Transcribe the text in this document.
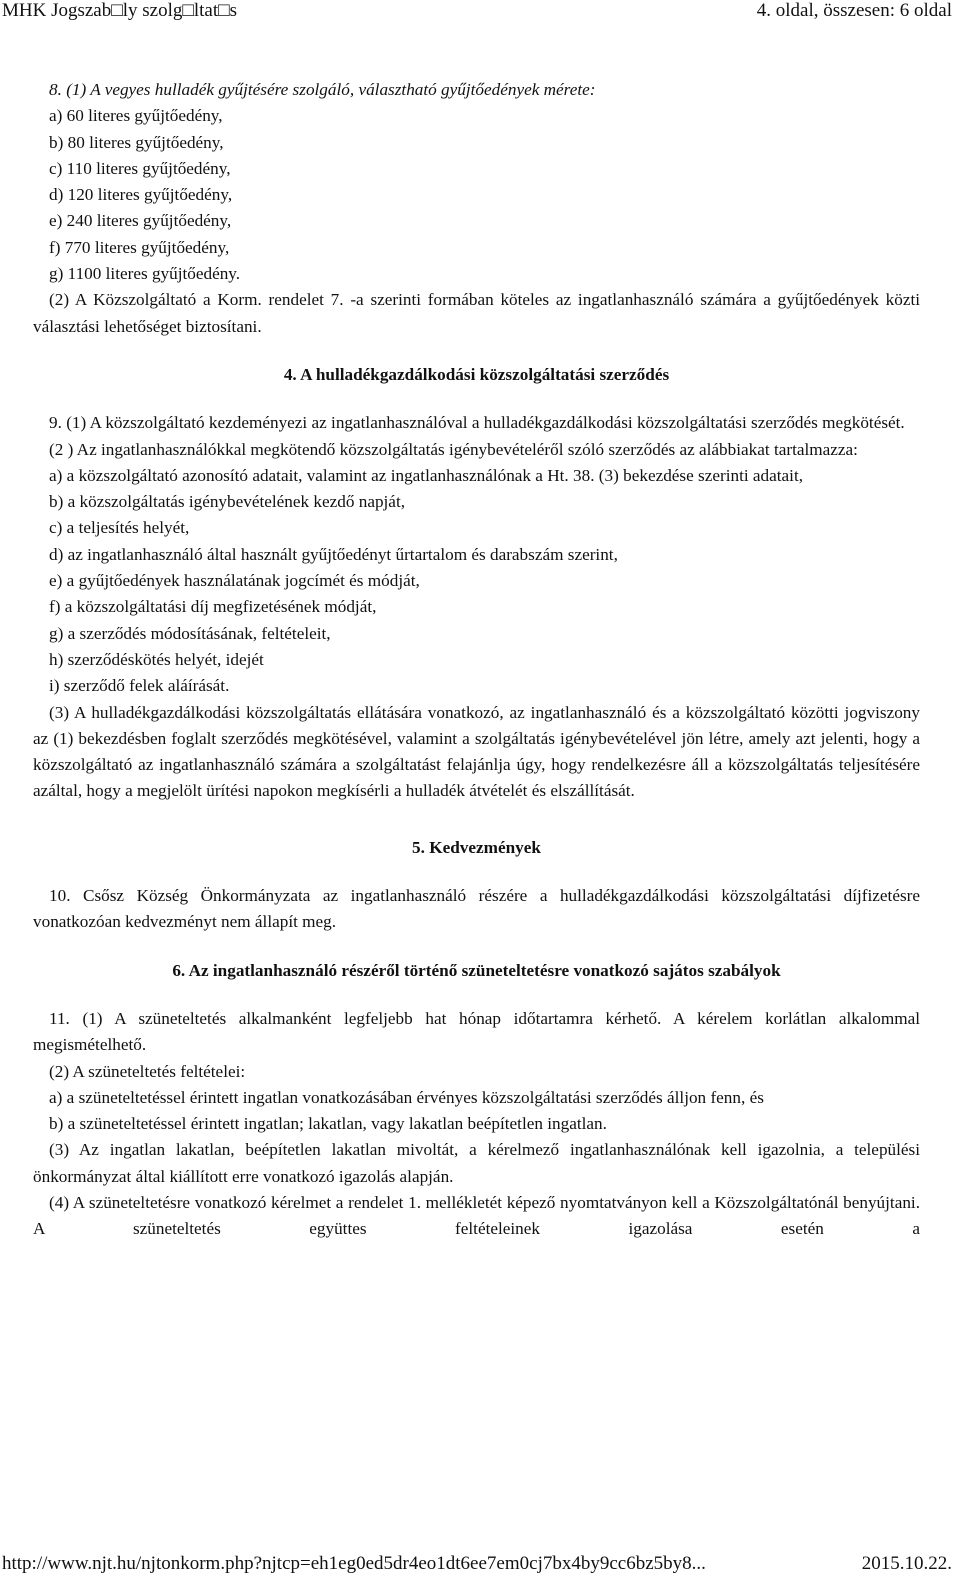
MHK Jogszab□ly szolg□ltat□s	4. oldal, összesen: 6 oldal

8. (1) A vegyes hulladék gyűjtésére szolgáló, választható gyűjtőedények mérete:

a) 60 literes gyűjtőedény,

b) 80 literes gyűjtőedény,

c) 110 literes gyűjtőedény,

d) 120 literes gyűjtőedény,

e) 240 literes gyűjtőedény,

f) 770 literes gyűjtőedény,

g) 1100 literes gyűjtőedény.

(2) A Közszolgáltató a Korm. rendelet 7. -a szerinti formában köteles az ingatlanhasználó számára a gyűjtőedények közti választási lehetőséget biztosítani.

4. A hulladékgazdálkodási közszolgáltatási szerződés

9. (1) A közszolgáltató kezdeményezi az ingatlanhasználóval a hulladékgazdálkodási közszolgáltatási szerződés megkötését.

(2 ) Az ingatlanhasználókkal megkötendő közszolgáltatás igénybevételéről szóló szerződés az alábbiakat tartalmazza:

a) a közszolgáltató azonosító adatait, valamint az ingatlanhasználónak a Ht. 38. (3) bekezdése szerinti adatait,

b) a közszolgáltatás igénybevételének kezdő napját,

c) a teljesítés helyét,

d) az ingatlanhasználó által használt gyűjtőedényt űrtartalom és darabszám szerint,

e) a gyűjtőedények használatának jogcímét és módját,

f) a közszolgáltatási díj megfizetésének módját,

g) a szerződés módosításának, feltételeit,

h) szerződéskötés helyét, idejét

i) szerződő felek aláírását.

(3) A hulladékgazdálkodási közszolgáltatás ellátására vonatkozó, az ingatlanhasználó és a közszolgáltató közötti jogviszony az (1) bekezdésben foglalt szerződés megkötésével, valamint a szolgáltatás igénybevételével jön létre, amely azt jelenti, hogy a közszolgáltató az ingatlanhasználó számára a szolgáltatást felajánlja úgy, hogy rendelkezésre áll a közszolgáltatás teljesítésére azáltal, hogy a megjelölt ürítési napokon megkísérli a hulladék átvételét és elszállítását.

5. Kedvezmények

10. Csősz Község Önkormányzata az ingatlanhasználó részére a hulladékgazdálkodási közszolgáltatási díjfizetésre vonatkozóan kedvezményt nem állapít meg.

6. Az ingatlanhasználó részéről történő szüneteltetésre vonatkozó sajátos szabályok

11. (1) A szüneteltetés alkalmanként legfeljebb hat hónap időtartamra kérhető. A kérelem korlátlan alkalommal megismételhető.

(2) A szüneteltetés feltételei:

a) a szüneteltetéssel érintett ingatlan vonatkozásában érvényes közszolgáltatási szerződés álljon fenn, és

b) a szüneteltetéssel érintett ingatlan; lakatlan, vagy lakatlan beépítetlen ingatlan.

(3) Az ingatlan lakatlan, beépítetlen lakatlan mivoltát, a kérelmező ingatlanhasználónak kell igazolnia, a települési önkormányzat által kiállított erre vonatkozó igazolás alapján.

(4) A szüneteltetésre vonatkozó kérelmet a rendelet 1. mellékletét képező nyomtatványon kell a Közszolgáltatónál benyújtani. A szüneteltetés együttes feltételeinek igazolása esetén a

http://www.njt.hu/njtonkorm.php?njtcp=eh1eg0ed5dr4eo1dt6ee7em0cj7bx4by9cc6bz5by8...	2015.10.22.
